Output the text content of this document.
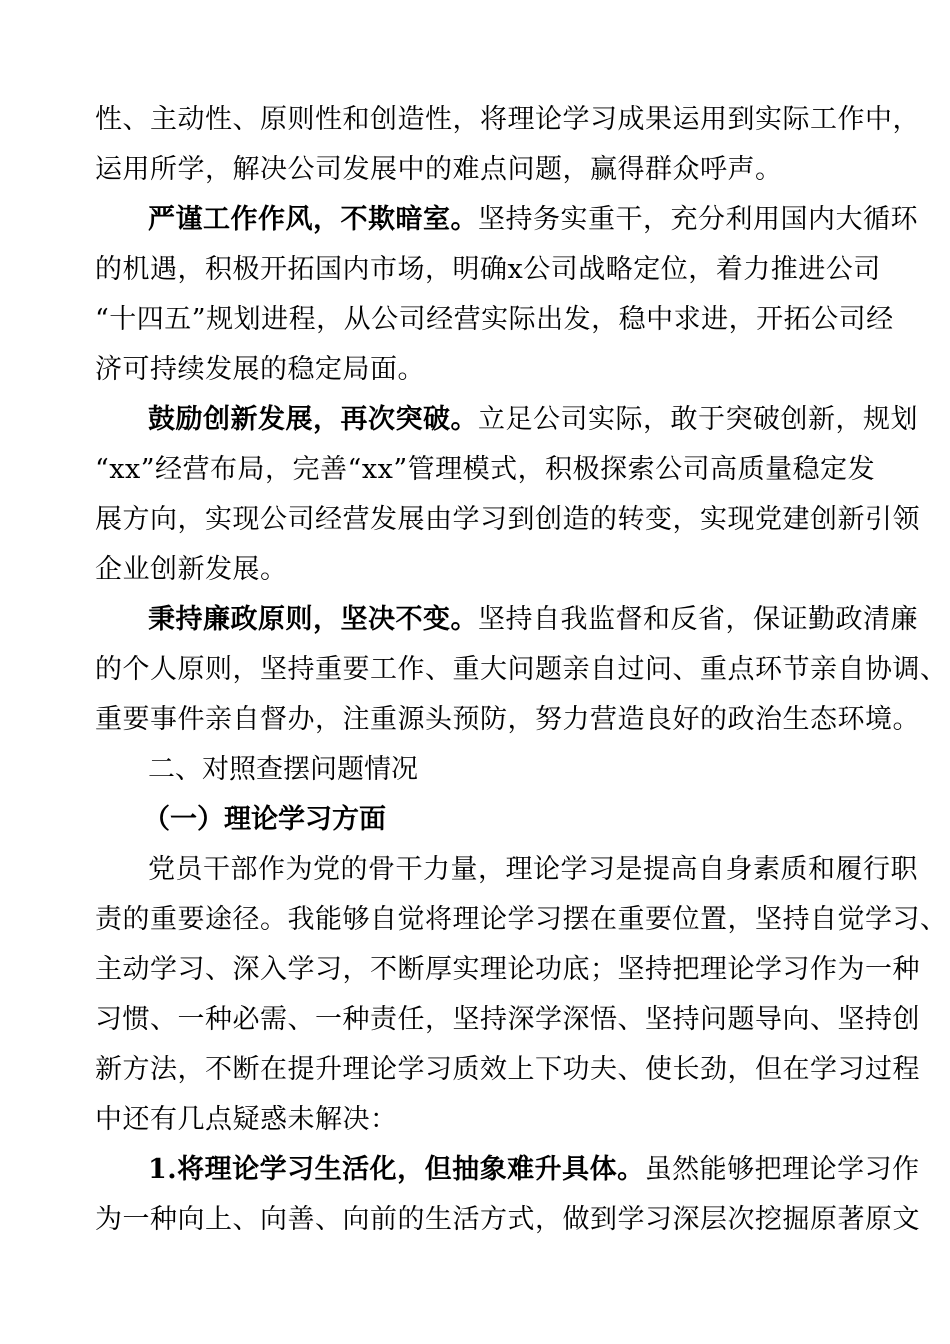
性、主动性、原则性和创造性，将理论学习成果运用到实际工作中，
运用所学，解决公司发展中的难点问题，赢得群众呼声。
严谨工作作风，不欺暗室。坚持务实重干，充分利用国内大循环
的机遇，积极开拓国内市场，明确x公司战略定位，着力推进公司
“十四五”规划进程，从公司经营实际出发，稳中求进，开拓公司经
济可持续发展的稳定局面。
鼓励创新发展，再次突破。立足公司实际，敢于突破创新，规划
“xx”经营布局，完善“xx”管理模式，积极探索公司高质量稳定发
展方向，实现公司经营发展由学习到创造的转变，实现党建创新引领
企业创新发展。
秉持廉政原则，坚决不变。坚持自我监督和反省，保证勤政清廉
的个人原则，坚持重要工作、重大问题亲自过问、重点环节亲自协调、
重要事件亲自督办，注重源头预防，努力营造良好的政治生态环境。
二、对照查摆问题情况
（一）理论学习方面
党员干部作为党的骨干力量，理论学习是提高自身素质和履行职
责的重要途径。我能够自觉将理论学习摆在重要位置，坚持自觉学习、
主动学习、深入学习，不断厚实理论功底；坚持把理论学习作为一种
习惯、一种必需、一种责任，坚持深学深悟、坚持问题导向、坚持创
新方法，不断在提升理论学习质效上下功夫、使长劲，但在学习过程
中还有几点疑惑未解决：
1.将理论学习生活化，但抽象难升具体。虽然能够把理论学习作
为一种向上、向善、向前的生活方式，做到学习深层次挖掘原著原文
